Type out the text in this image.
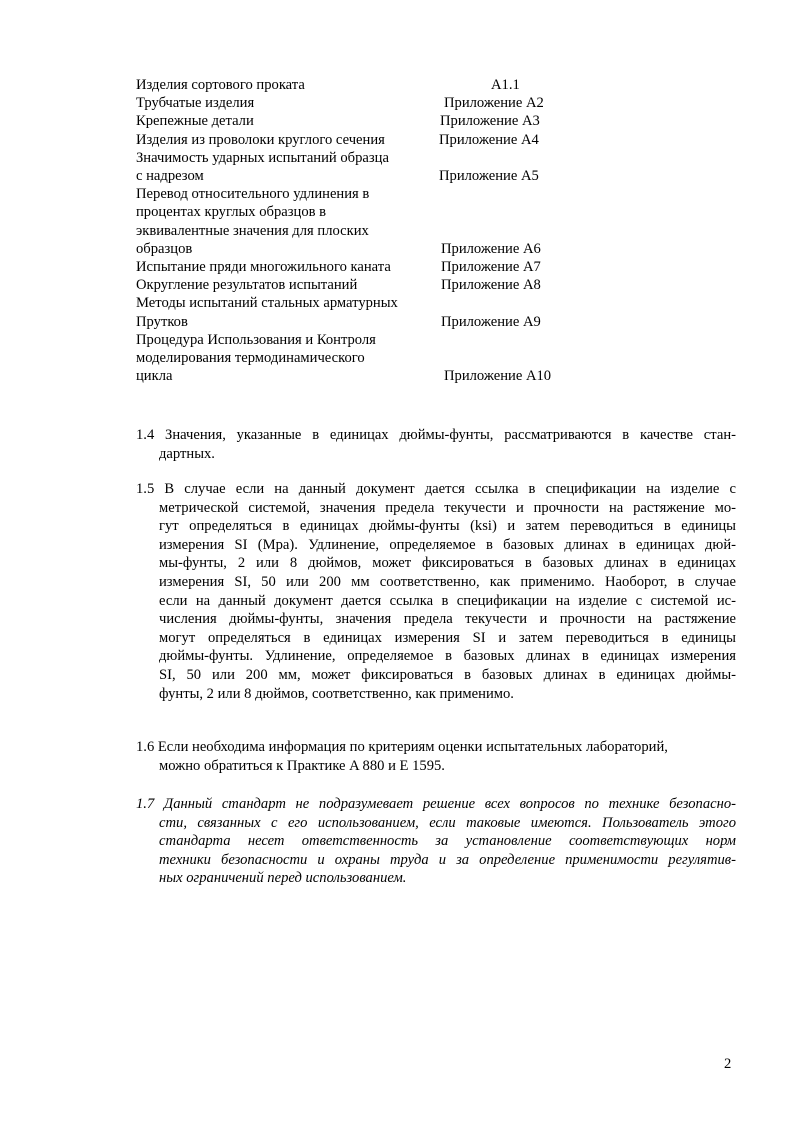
Изделия сортового проката	A1.1
Трубчатые изделия	Приложение A2
Крепежные детали	Приложение A3
Изделия из проволоки круглого сечения	Приложение A4
Значимость ударных испытаний образца
с надрезом	Приложение A5
Перевод относительного удлинения в
процентах круглых образцов в
эквивалентные значения для плоских
образцов	Приложение A6
Испытание пряди многожильного каната	Приложение A7
Округление результатов испытаний	Приложение A8
Методы испытаний стальных арматурных
Прутков	Приложение A9
Процедура Использования и Контроля
моделирования термодинамического
цикла	Приложение A10
1.4 Значения, указанные в единицах дюймы-фунты, рассматриваются в качестве стан-
дартных.
1.5 В случае если на данный документ дается ссылка в спецификации на изделие с
метрической системой, значения предела текучести и прочности на растяжение мо-
гут определяться в единицах дюймы-фунты (ksi) и затем переводиться в единицы
измерения SI (Mpa). Удлинение, определяемое в базовых длинах в единицах дюй-
мы-фунты, 2 или 8 дюймов, может фиксироваться в базовых длинах в единицах
измерения SI, 50 или 200 мм соответственно, как применимо. Наоборот, в случае
если на данный документ дается ссылка в спецификации на изделие с системой ис-
числения дюймы-фунты, значения предела текучести и прочности на растяжение
могут определяться в единицах измерения SI и затем переводиться в единицы
дюймы-фунты. Удлинение, определяемое в базовых длинах в единицах измерения
SI, 50 или 200 мм, может фиксироваться в базовых длинах в единицах дюймы-
фунты, 2 или 8 дюймов, соответственно, как применимо.
1.6 Если необходима информация по критериям оценки испытательных лабораторий,
можно обратиться к Практике A 880 и E 1595.
1.7 Данный стандарт не подразумевает решение всех вопросов по технике безопасно-
сти, связанных с его использованием, если таковые имеются. Пользователь этого
стандарта несет ответственность за установление соответствующих норм
техники безопасности и охраны труда и за определение применимости регулятив-
ных ограничений перед использованием.
2
